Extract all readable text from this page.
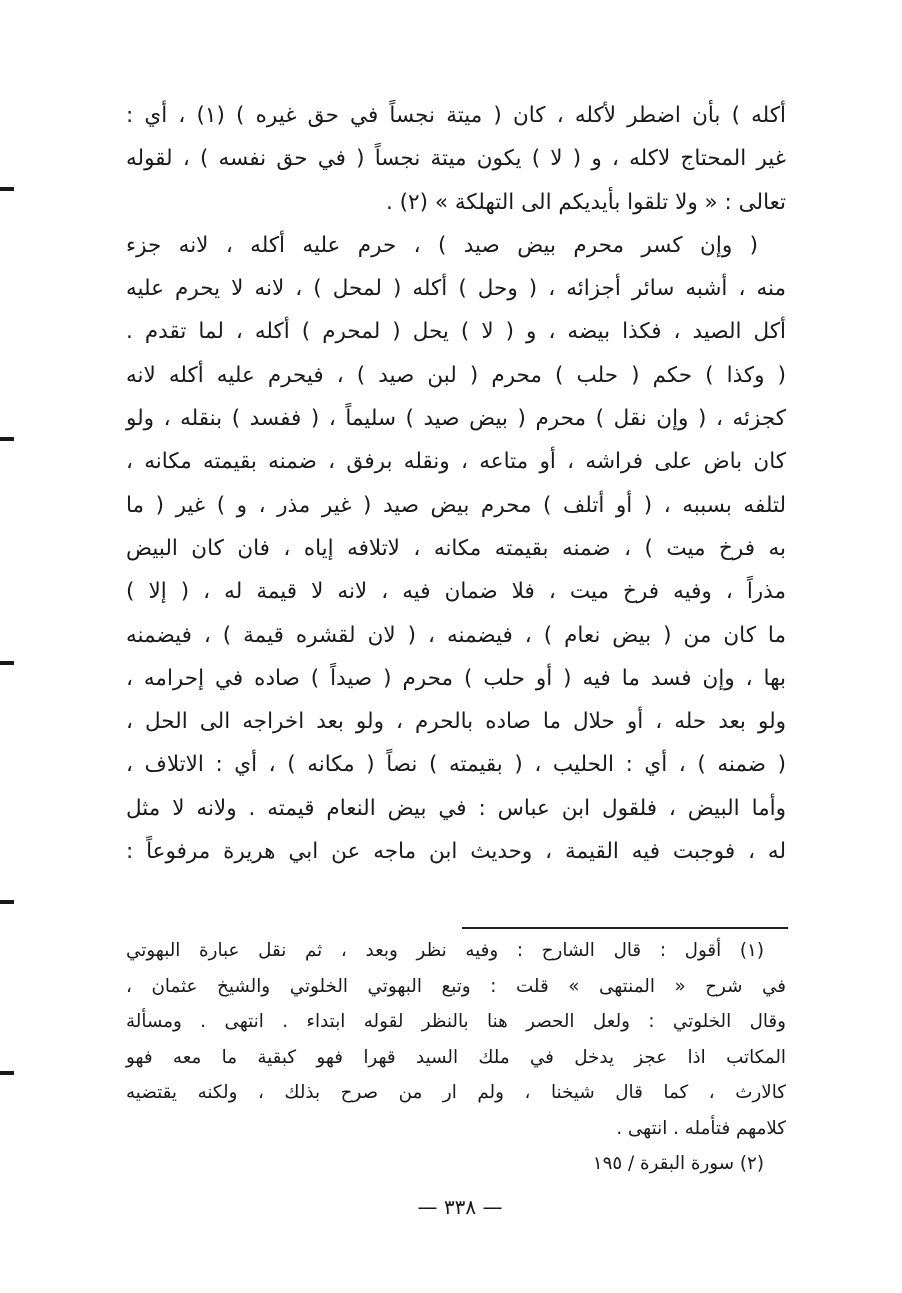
أكله ) بأن اضطر لأكله ، كان ( ميتة نجساً في حق غيره ) (١) ، أي :
غير المحتاج لاكله ، و ( لا ) يكون ميتة نجساً ( في حق نفسه ) ، لقوله
تعالى : « ولا تلقوا بأيديكم الى التهلكة » (٢) .
( وإن كسر محرم بيض صيد ) ، حرم عليه أكله ، لانه جزء
منه ، أشبه سائر أجزائه ، ( وحل ) أكله ( لمحل ) ، لانه لا يحرم عليه
أكل الصيد ، فكذا بيضه ، و ( لا ) يحل ( لمحرم ) أكله ، لما تقدم .
( وكذا ) حكم ( حلب ) محرم ( لبن صيد ) ، فيحرم عليه أكله لانه
كجزئه ، ( وإن نقل ) محرم ( بيض صيد ) سليماً ، ( ففسد ) بنقله ، ولو
كان باض على فراشه ، أو متاعه ، ونقله برفق ، ضمنه بقيمته مكانه ،
لتلفه بسببه ، ( أو أتلف ) محرم بيض صيد ( غير مذر ، و ) غير ( ما
به فرخ ميت ) ، ضمنه بقيمته مكانه ، لاتلافه إياه ، فان كان البيض
مذراً ، وفيه فرخ ميت ، فلا ضمان فيه ، لانه لا قيمة له ، ( إلا )
ما كان من ( بيض نعام ) ، فيضمنه ، ( لان لقشره قيمة ) ، فيضمنه
بها ، وإن فسد ما فيه ( أو حلب ) محرم ( صيداً ) صاده في إحرامه ،
ولو بعد حله ، أو حلال ما صاده بالحرم ، ولو بعد اخراجه الى الحل ،
( ضمنه ) ، أي : الحليب ، ( بقيمته ) نصاً ( مكانه ) ، أي : الاتلاف ،
وأما البيض ، فلقول ابن عباس : في بيض النعام قيمته . ولانه لا مثل
له ، فوجبت فيه القيمة ، وحديث ابن ماجه عن ابي هريرة مرفوعاً :
(١) أقول : قال الشارح : وفيه نظر وبعد ، ثم نقل عبارة البهوتي
في شرح « المنتهى » قلت : وتبع البهوتي الخلوتي والشيخ عثمان ،
وقال الخلوتي : ولعل الحصر هنا بالنظر لقوله ابتداء . انتهى . ومسألة
المكاتب اذا عجز يدخل في ملك السيد قهرا فهو كبقية ما معه فهو
كالارث ، كما قال شيخنا ، ولم ار من صرح بذلك ، ولكنه يقتضيه
كلامهم فتأمله . انتهى .
(٢) سورة البقرة / ١٩٥
— ٣٣٨ —
